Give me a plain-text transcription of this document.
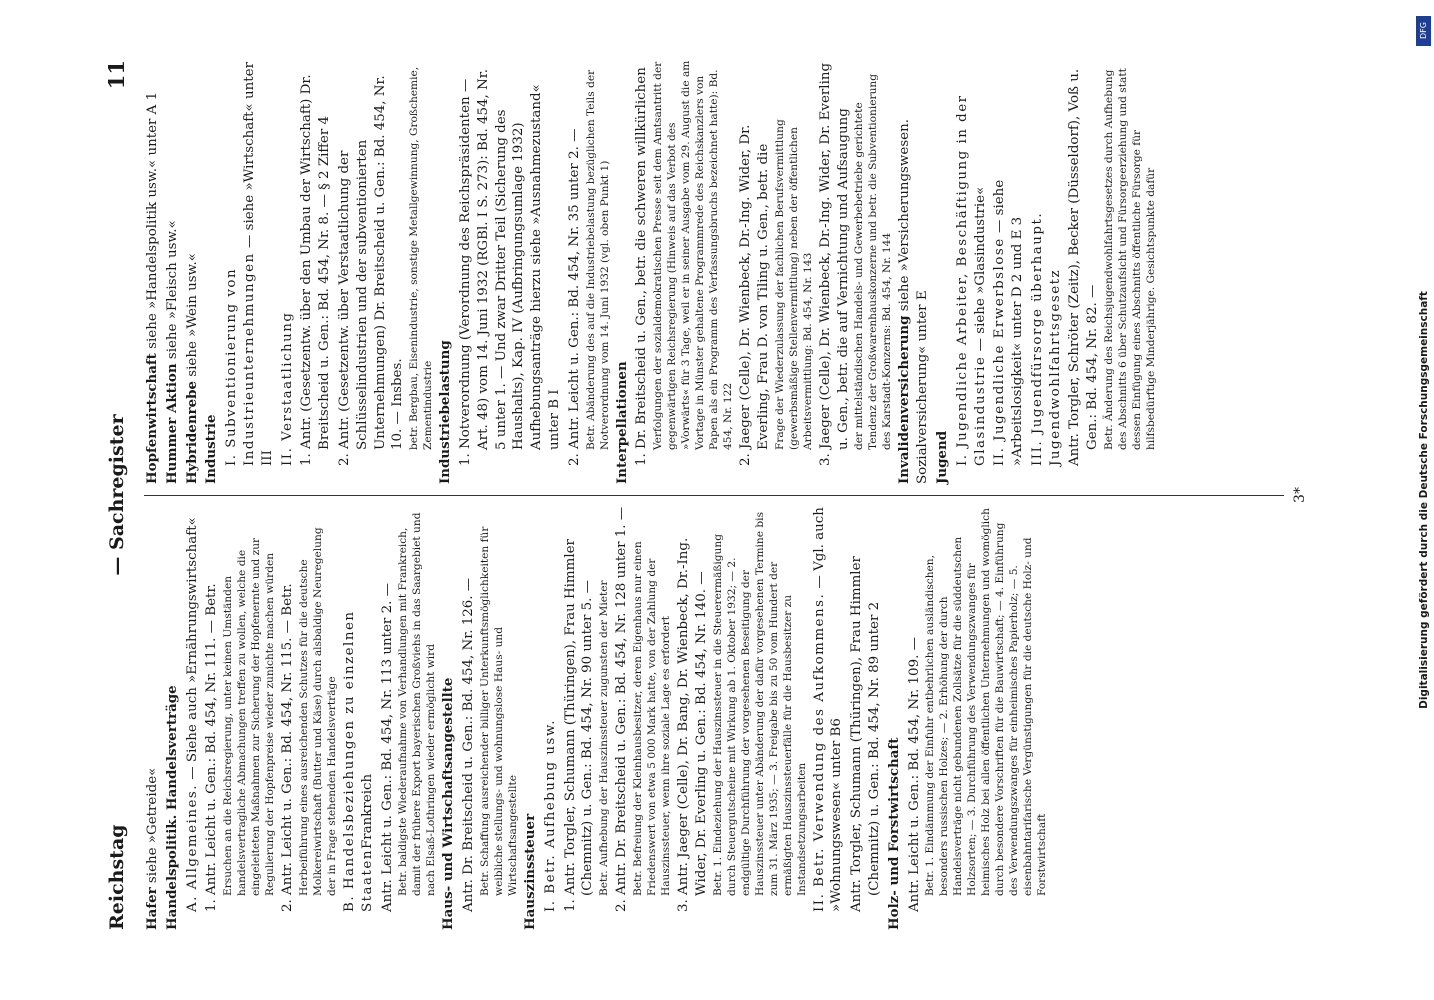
Reichstag
— Sachregister
11
Hafer siehe »Getreide« Handelspolitik. Handelsverträge A. Allgemeines. — Siehe auch »Ernährungswirtschaft« 1. Antr. Leicht u. Gen.: Bd. 454, Nr. 111. — Betr. Ersuchen an die Reichsregierung, unter keinen Umständen handelsvertragliche Abmachungen treffen zu wollen, welche die eingeleiteten Maßnahmen zur Sicherung der Hopfenernte und zur Regulierung der Hopfenpreise wieder zunichte machen würden 2. Antr. Leicht u. Gen.: Bd. 454, Nr. 115. — Betr. Herbeiführung eines ausreichenden Schutzes für die deutsche Molkereiwirtschaft (Butter und Käse) durch alsbaldige Neuregelung der in Frage stehenden Handelsverträge B. Handelsbeziehungen zu einzelnen StaatenFrankreich Antr. Leicht u. Gen.: Bd. 454, Nr. 113 unter 2. — Betr. baldigste Wiederaufnahme von Verhandlungen mit Frankreich, damit der frühere Export bayerischen Großviehs in das Saargebiet und nach Elsaß-Lothringen wieder ermöglicht wird Haus- und Wirtschaftsangestellte Antr. Dr. Breitscheid u. Gen.: Bd. 454, Nr. 126. — Betr. Schaffung ausreichender billiger Unterkunftsmöglichkeiten für weibliche stellungs- und wohnungslose Haus- und Wirtschaftsangestellte Hauszinssteuer I. Betr. Aufhebung usw. 1. Antr. Torgler, Schumann (Thüringen), Frau Himmler (Chemnitz) u. Gen.: Bd. 454, Nr. 90 unter 5. — Betr. Aufhebung der Hauszinssteuer zugunsten der Mieter 2. Antr. Dr. Breitscheid u. Gen.: Bd. 454, Nr. 128 unter 1. — Betr. Befreiung der Kleinhausbesitzer, deren Eigenhaus nur einen Friedenswert von etwa 5 000 Mark hatte, von der Zahlung der Hauszinssteuer, wenn ihre soziale Lage es erfordert 3. Antr. Jaeger (Celle), Dr. Bang, Dr. Wienbeck, Dr.-Ing. Wider, Dr. Everling u. Gen.: Bd. 454, Nr. 140. — Betr. 1. Eindeziehung der Hauszinssteuer in die Steuerermäßigung durch Steuergutscheine mit Wirkung ab 1. Oktober 1932; — 2. endgültige Durchführung der vorgesehenen Beseitigung der Hauszinssteuer unter Abänderung der dafür vorgesehenen Termine bis zum 31. März 1935; — 3. Freigabe bis zu 50 vom Hundert der ermäßigten Hauszinssteuerfälle für die Hausbesitzer zu Instandsetzungsarbeiten II. Betr. Verwendung des Aufkommens. — Vgl. auch »Wohnungswesen« unter B6 Antr. Torgler, Schumann (Thüringen), Frau Himmler (Chemnitz) u. Gen.: Bd. 454, Nr. 89 unter 2 Holz- und Forstwirtschaft Antr. Leicht u. Gen.: Bd. 454, Nr. 109. — Betr. 1. Eindämmung der Einfuhr entbehrlichen ausländischen, besonders russischen Holzes; — 2. Erhöhung der durch Handelsverträge nicht gebundenen Zollsätze für die süddeutschen Holzsorten; — 3. Durchführung des Verwendungszwanges für heimisches Holz bei allen öffentlichen Unternehmungen und womöglich durch besondere Vorschriften für die Bauwirtschaft; — 4. Einführung des Verwendungszwanges für einheimisches Papierholz; — 5. eisenbahntarifarische Vergünstigungen für die deutsche Holz- und Forstwirtschaft
Hopfenwirtschaft siehe »Handelspolitik usw.« unter A 1
Hummer Aktion siehe »Fleisch usw.«
Hybridenrebe siehe »Wein usw.«
Industrie I. Subventionierung von Industrieunternehmungen — siehe »Wirtschaft« unter III II. Verstaatlichung 1. Antr. (Gesetzentw. über den Umbau der Wirtschaft) Dr. Breitscheid u. Gen.: Bd. 454, Nr. 8. — § 2 Ziffer 4 2. Antr. (Gesetzentw. über Verstaatlichung der Schlüsselindustrien und der subventionierten Unternehmungen) Dr. Breitscheid u. Gen.: Bd. 454, Nr. 10. — Insbes. betr. Bergbau, Eisenindustrie, sonstige Metallgewinnung, Großchemie, Zementindustrie Industriebelastung 1. Notverordnung (Verordnung des Reichspräsidenten — Art. 48) vom 14. Juni 1932 (RGBl. I S. 273): Bd. 454, Nr. 5 unter 1. — Und zwar Dritter Teil (Sicherung des Haushalts), Kap. IV (Aufbringungsumlage 1932) Aufhebungsanträge hierzu siehe »Ausnahmezustand« unter B I 2. Antr. Leicht u. Gen.: Bd. 454, Nr. 35 unter 2. — Betr. Abänderung des auf die Industriebelastung bezüglichen Teils der Notverordnung vom 14. Juni 1932 (vgl. oben Punkt 1) Interpellationen 1. Dr. Breitscheid u. Gen., betr. die schweren willkürlichen Verfolgungen der sozialdemokratischen Presse seit dem Amtsantritt der gegenwärtigen Reichsregierung (Hinweis auf das Verbot des »Vorwärts« für 3 Tage, weil er in seiner Ausgabe vom 29. August die am Vortage in Münster gehaltene Programmrede des Reichskanzlers von Papen als ein Programm des Verfassungsbruchs bezeichnet hatte): Bd. 454, Nr. 122 2. Jaeger (Celle), Dr. Wienbeck, Dr.-Ing. Wider, Dr. Everling, Frau D. von Tiling u. Gen., betr. die Frage der Wiederzulassung der fachlichen Berufsvermittlung (gewerbsmäßige Stellenvermittlung) neben der öffentlichen Arbeitsvermittlung: Bd. 454, Nr. 143 3. Jaeger (Celle), Dr. Wienbeck, Dr.-Ing. Wider, Dr. Everling u. Gen., betr. die auf Vernichtung und Aufsaugung der mittelständischen Handels- und Gewerbebetriebe gerichtete Tendenz der Großwarenhauskonzerne und betr. die Subventionierung des Karstadt-Konzerns: Bd. 454, Nr. 144 Invalidenversicherung siehe »Versicherungswesen. Sozialversicherung« unter E Jugend I. Jugendliche Arbeiter, Beschäftigung in der Glasindustrie — siehe »Glasindustrie« II. Jugendliche Erwerbslose — siehe »Arbeitslosigkeit« unter D 2 und E 3 III. Jugendfürsorge überhaupt. Jugendwohlfahrtsgesetz Antr. Torgler, Schröter (Zeitz), Becker (Düsseldorf), Voß u. Gen.: Bd. 454, Nr. 82. — Betr. Änderung des Reichsjugendwohlfahrtsgesetzes durch Aufhebung des Abschnitts 6 über Schutzaufsicht und Fürsorgeerziehung und statt dessen Einfügung eines Abschnitts öffentliche Fürsorge für hilfsbedürftige Minderjährige. Gesichtspunkte dafür
3*
DFG
Digitalisierung gefördert durch die Deutsche Forschungsgemeinschaft
